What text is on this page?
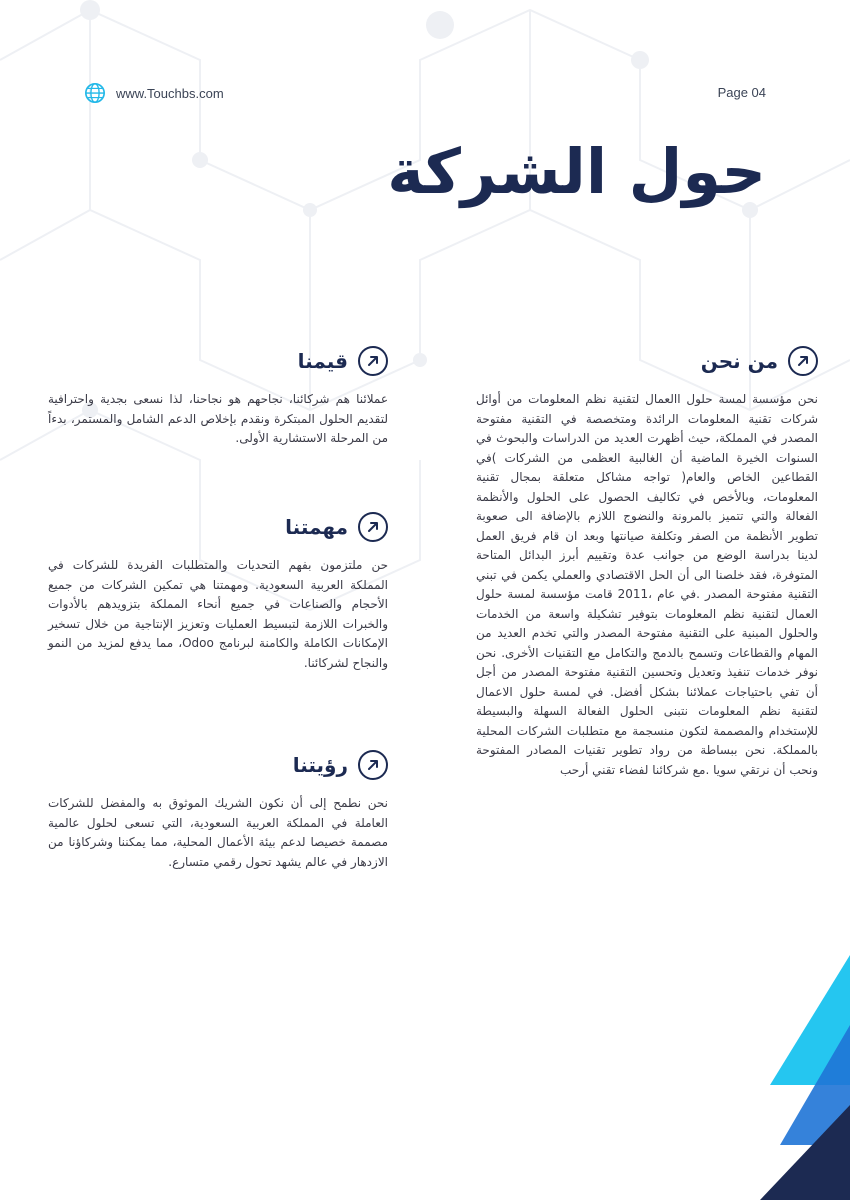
www.Touchbs.com	Page 04
حول الشركة
من نحن

نحن مؤسسة لمسة حلول االعمال لتقنية نظم المعلومات من أوائل شركات تقنية المعلومات الرائدة ومتخصصة في التقنية مفتوحة المصدر في المملكة، حيث أظهرت العديد من الدراسات والبحوث في السنوات الخيرة الماضية أن الغالبية العظمى من الشركات )في القطاعين الخاص والعام( تواجه مشاكل متعلقة بمجال تقنية المعلومات، وبالأخص في تكاليف الحصول على الحلول والأنظمة الفعالة والتي تتميز بالمرونة والنضوج اللازم بالإضافة الى صعوبة تطوير الأنظمة من الصفر وتكلفة صيانتها وبعد ان قام فريق العمل لدينا بدراسة الوضع من جوانب عدة وتقييم أبرز البدائل المتاحة المتوفرة، فقد خلصنا الى أن الحل الاقتصادي والعملي يكمن في تبني التقنية مفتوحة المصدر .في عام ،2011 قامت مؤسسة لمسة حلول العمال لتقنية نظم المعلومات بتوفير تشكيلة واسعة من الخدمات والحلول المبنية على التقنية مفتوحة المصدر والتي تخدم العديد من المهام والقطاعات وتسمح بالدمج والتكامل مع التقنيات الأخرى. نحن نوفر خدمات تنفيذ وتعديل وتحسين التقنية مفتوحة المصدر من أجل أن تفي باحتياجات عملائنا بشكل أفضل. في لمسة حلول الاعمال لتقنية نظم المعلومات نتبنى الحلول الفعالة السهلة والبسيطة للإستخدام والمصممة لتكون منسجمة مع متطلبات الشركات المحلية بالمملكة. نحن ببساطة من رواد تطوير تقنيات المصادر المفتوحة ونحب أن نرتقي سويا .مع شركائنا لفضاء تقني أرحب

قيمنا

عملائنا هم شركائنا، نجاحهم هو نجاحنا، لذا نسعى بجدية واحترافية لتقديم الحلول المبتكرة ونقدم بإخلاص الدعم الشامل والمستمر، بدءاً من المرحلة الاستشارية الأولى.

مهمتنا

حن ملتزمون بفهم التحديات والمتطلبات الفريدة للشركات في المملكة العربية السعودية. ومهمتنا هي تمكين الشركات من جميع الأحجام والصناعات في جميع أنحاء المملكة بتزويدهم بالأدوات والخبرات اللازمة لتبسيط العمليات وتعزيز الإنتاجية من خلال تسخير الإمكانات الكاملة والكامنة لبرنامج Odoo، مما يدفع لمزيد من النمو والنجاح لشركائنا.

رؤيتنا

نحن نطمح إلى أن نكون الشريك الموثوق به والمفضل للشركات العاملة في المملكة العربية السعودية، التي تسعى لحلول عالمية مصممة خصيصا لدعم بيئة الأعمال المحلية، مما يمكننا وشركاؤنا من الازدهار في عالم يشهد تحول رقمي متسارع.
